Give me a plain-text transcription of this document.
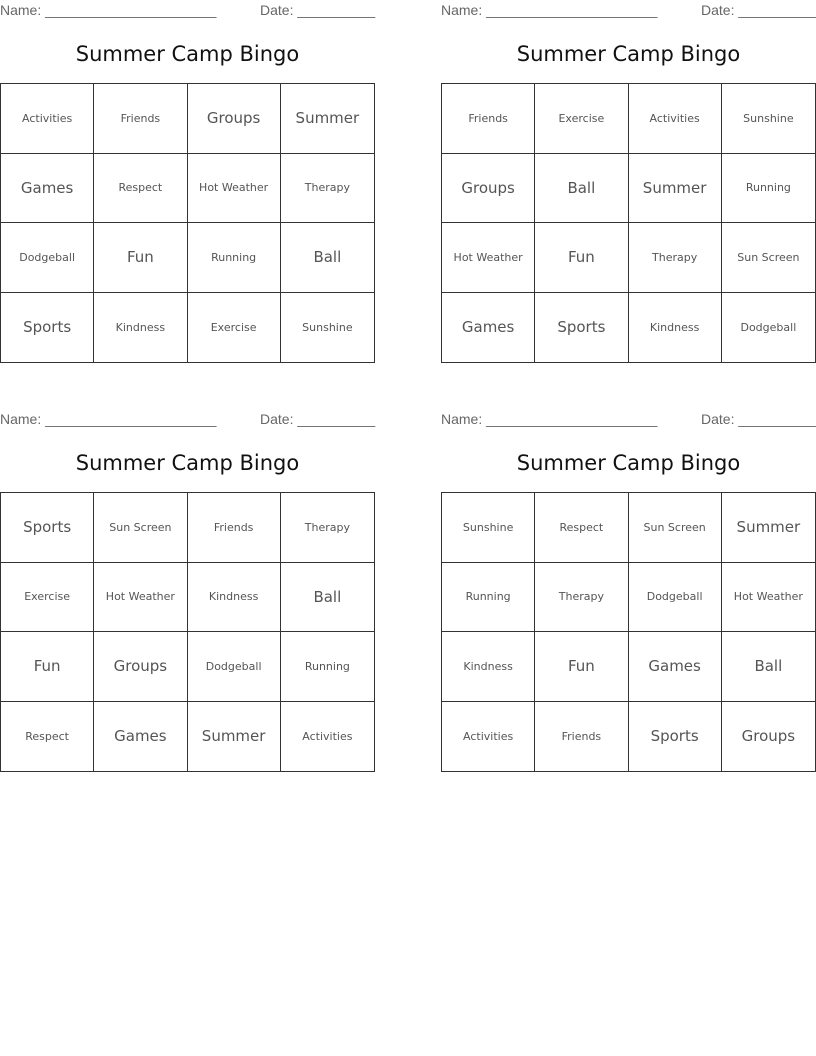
Name: ______________________	Date: __________
Summer Camp Bingo
Activities	Friends	Groups	Summer
Games	Respect	Hot Weather	Therapy
Dodgeball	Fun	Running	Ball
Sports	Kindness	Exercise	Sunshine
Name: ______________________	Date: __________
Summer Camp Bingo
Friends	Exercise	Activities	Sunshine
Groups	Ball	Summer	Running
Hot Weather	Fun	Therapy	Sun Screen
Games	Sports	Kindness	Dodgeball
Name: ______________________	Date: __________
Summer Camp Bingo
Sports	Sun Screen	Friends	Therapy
Exercise	Hot Weather	Kindness	Ball
Fun	Groups	Dodgeball	Running
Respect	Games	Summer	Activities
Name: ______________________	Date: __________
Summer Camp Bingo
Sunshine	Respect	Sun Screen	Summer
Running	Therapy	Dodgeball	Hot Weather
Kindness	Fun	Games	Ball
Activities	Friends	Sports	Groups
